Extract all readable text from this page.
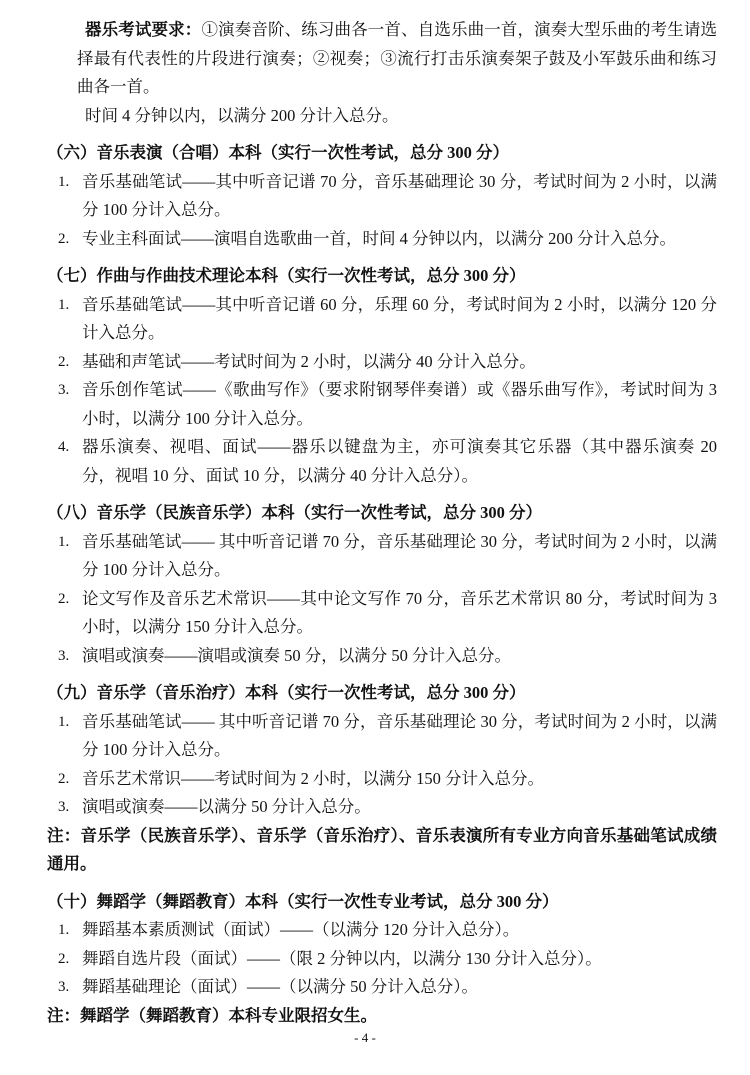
器乐考试要求：①演奏音阶、练习曲各一首、自选乐曲一首，演奏大型乐曲的考生请选择最有代表性的片段进行演奏；②视奏；③流行打击乐演奏架子鼓及小军鼓乐曲和练习曲各一首。

时间 4 分钟以内，以满分 200 分计入总分。

（六）音乐表演（合唱）本科（实行一次性考试，总分 300 分）
1. 音乐基础笔试——其中听音记谱 70 分，音乐基础理论 30 分，考试时间为 2 小时，以满分 100 分计入总分。
2. 专业主科面试——演唱自选歌曲一首，时间 4 分钟以内，以满分 200 分计入总分。
（七）作曲与作曲技术理论本科（实行一次性考试，总分 300 分）
1. 音乐基础笔试——其中听音记谱 60 分，乐理 60 分，考试时间为 2 小时，以满分 120 分计入总分。
2. 基础和声笔试——考试时间为 2 小时，以满分 40 分计入总分。
3. 音乐创作笔试——《歌曲写作》（要求附钢琴伴奏谱）或《器乐曲写作》，考试时间为 3 小时，以满分 100 分计入总分。
4. 器乐演奏、视唱、面试——器乐以键盘为主，亦可演奏其它乐器（其中器乐演奏 20 分，视唱 10 分、面试 10 分，以满分 40 分计入总分）。
（八）音乐学（民族音乐学）本科（实行一次性考试，总分 300 分）
1. 音乐基础笔试—— 其中听音记谱 70 分，音乐基础理论 30 分，考试时间为 2 小时，以满分 100 分计入总分。
2. 论文写作及音乐艺术常识——其中论文写作 70 分，音乐艺术常识 80 分，考试时间为 3 小时，以满分 150 分计入总分。
3. 演唱或演奏——演唱或演奏 50 分，以满分 50 分计入总分。
（九）音乐学（音乐治疗）本科（实行一次性考试，总分 300 分）
1. 音乐基础笔试—— 其中听音记谱 70 分，音乐基础理论 30 分，考试时间为 2 小时，以满分 100 分计入总分。
2. 音乐艺术常识——考试时间为 2 小时，以满分 150 分计入总分。
3. 演唱或演奏——以满分 50 分计入总分。

注：音乐学（民族音乐学）、音乐学（音乐治疗）、音乐表演所有专业方向音乐基础笔试成绩通用。

（十）舞蹈学（舞蹈教育）本科（实行一次性专业考试，总分 300 分）
1. 舞蹈基本素质测试（面试）——（以满分 120 分计入总分）。
2. 舞蹈自选片段（面试）——（限 2 分钟以内，以满分 130 分计入总分）。
3. 舞蹈基础理论（面试）——（以满分 50 分计入总分）。

注：舞蹈学（舞蹈教育）本科专业限招女生。

- 4 -
